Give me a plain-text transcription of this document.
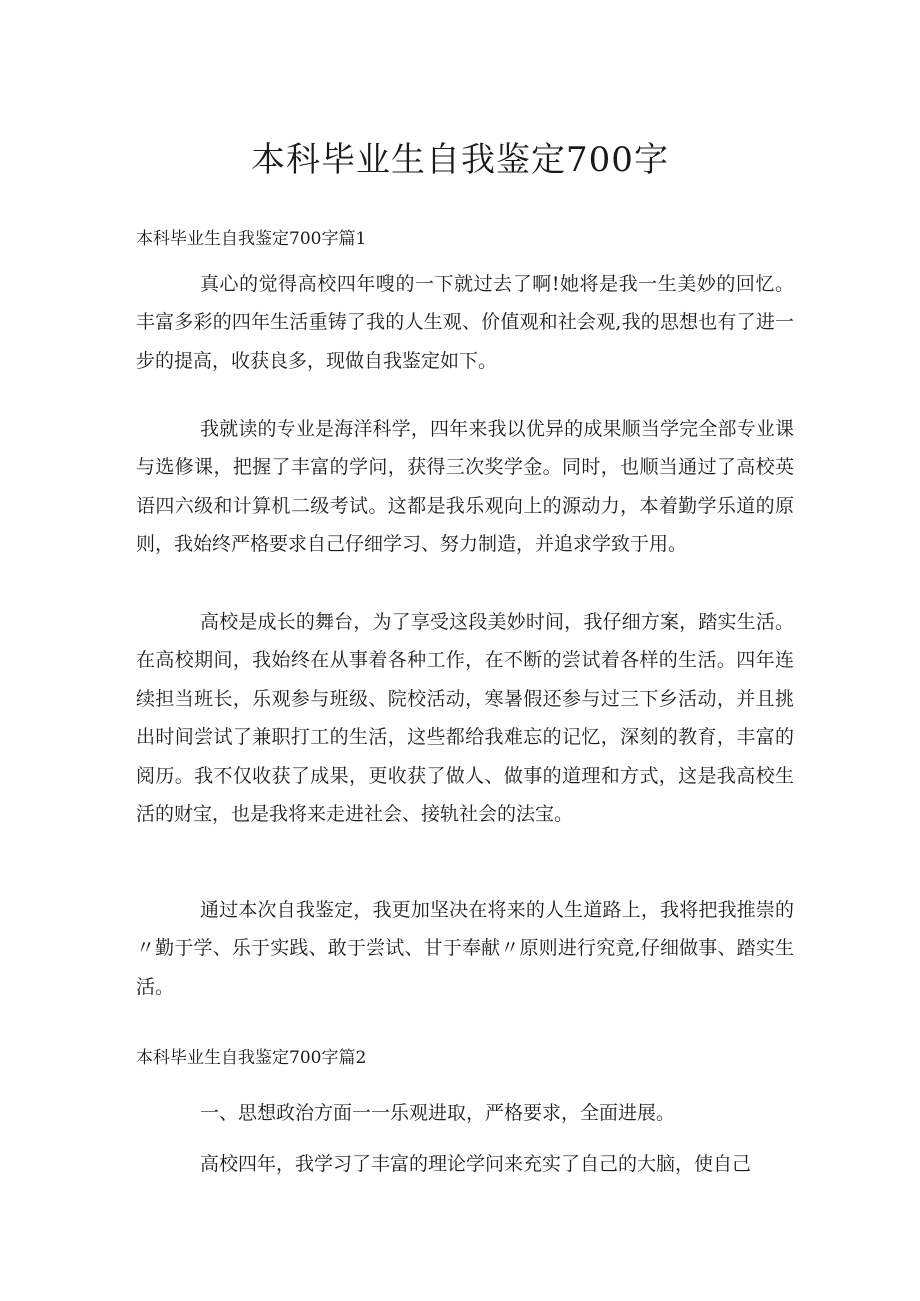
本科毕业生自我鉴定700字
本科毕业生自我鉴定700字篇1

真心的觉得高校四年嗖的一下就过去了啊!她将是我一生美妙的回忆。丰富多彩的四年生活重铸了我的人生观、价值观和社会观,我的思想也有了进一步的提高，收获良多，现做自我鉴定如下。

我就读的专业是海洋科学，四年来我以优异的成果顺当学完全部专业课与选修课，把握了丰富的学问，获得三次奖学金。同时，也顺当通过了高校英语四六级和计算机二级考试。这都是我乐观向上的源动力，本着勤学乐道的原则，我始终严格要求自己仔细学习、努力制造，并追求学致于用。

高校是成长的舞台，为了享受这段美妙时间，我仔细方案，踏实生活。在高校期间，我始终在从事着各种工作，在不断的尝试着各样的生活。四年连续担当班长，乐观参与班级、院校活动，寒暑假还参与过三下乡活动，并且挑出时间尝试了兼职打工的生活，这些都给我难忘的记忆，深刻的教育，丰富的阅历。我不仅收获了成果，更收获了做人、做事的道理和方式，这是我高校生活的财宝，也是我将来走进社会、接轨社会的法宝。

通过本次自我鉴定，我更加坚决在将来的人生道路上，我将把我推崇的〃勤于学、乐于实践、敢于尝试、甘于奉献〃原则进行究竟,仔细做事、踏实生活。

本科毕业生自我鉴定700字篇2

一、思想政治方面一一乐观进取，严格要求，全面进展。

高校四年，我学习了丰富的理论学问来充实了自己的大脑，使自己
